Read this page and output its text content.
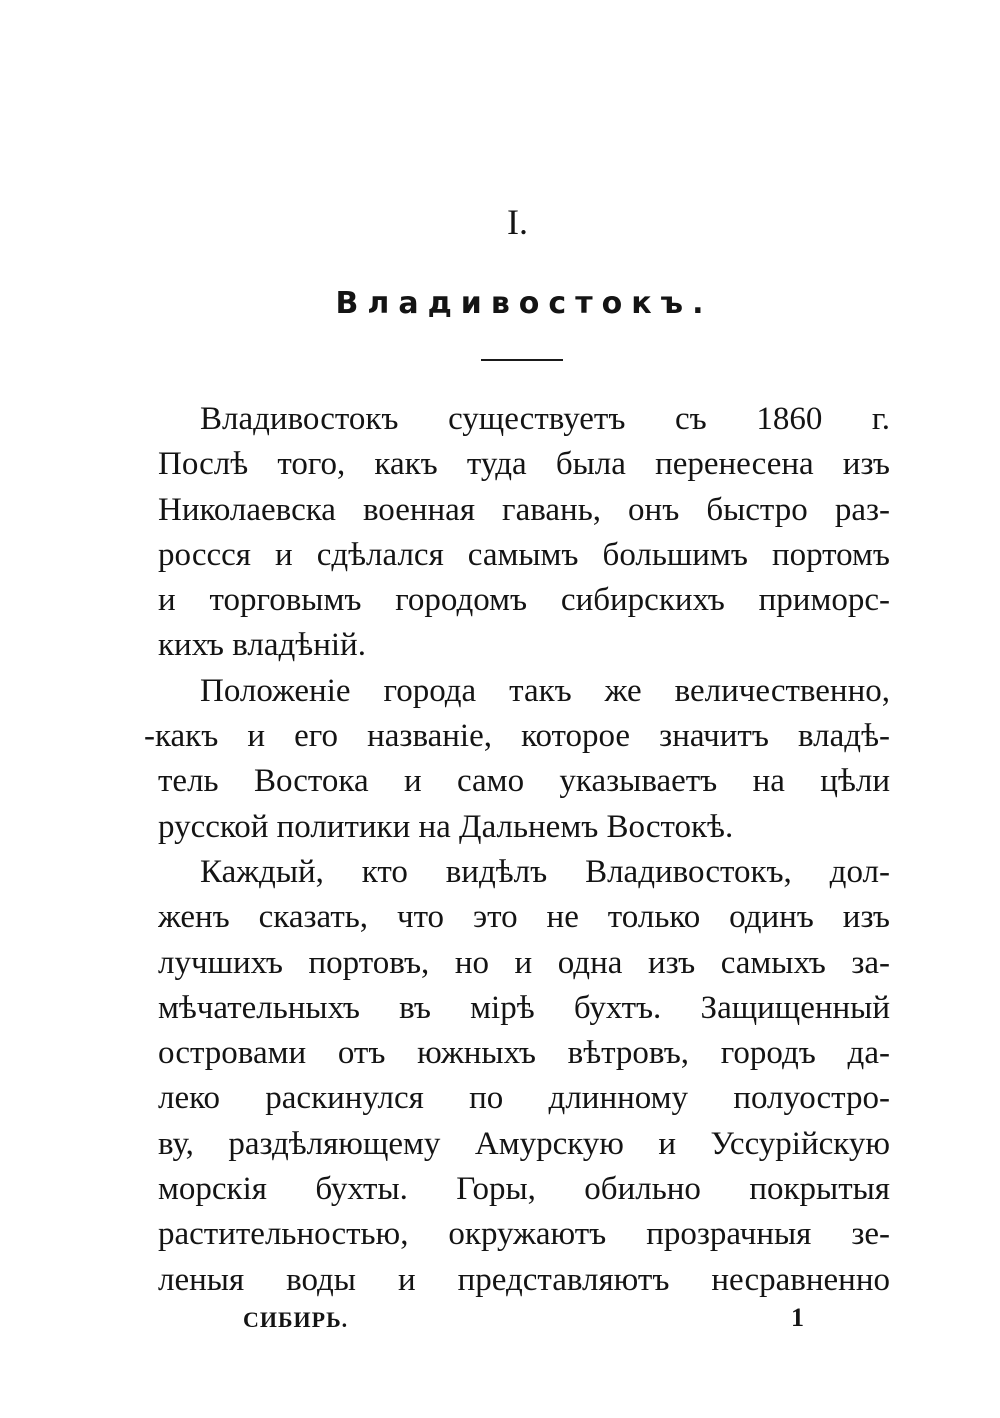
I.
Владивостокъ.
Владивостокъ существуетъ съ 1860 г.
Послѣ того, какъ туда была перенесена изъ
Николаевска военная гавань, онъ быстро раз-
россся и сдѣлался самымъ большимъ портомъ
и торговымъ городомъ сибирскихъ приморс-
кихъ владѣній.
Положеніе города такъ же величественно,
-какъ и его названіе, которое значитъ владѣ-
тель Востока и само указываетъ на цѣли
русской политики на Дальнемъ Востокѣ.
Каждый, кто видѣлъ Владивостокъ, дол-
женъ сказать, что это не только одинъ изъ
лучшихъ портовъ, но и одна изъ самыхъ за-
мѣчательныхъ въ мірѣ бухтъ. Защищенный
островами отъ южныхъ вѣтровъ, городъ да-
леко раскинулся по длинному полуостро-
ву, раздѣляющему Амурскую и Уссурійскую
морскія бухты. Горы, обильно покрытыя
растительностью, окружаютъ прозрачныя зе-
леныя воды и представляютъ несравненно
СИБИРЬ.	1
